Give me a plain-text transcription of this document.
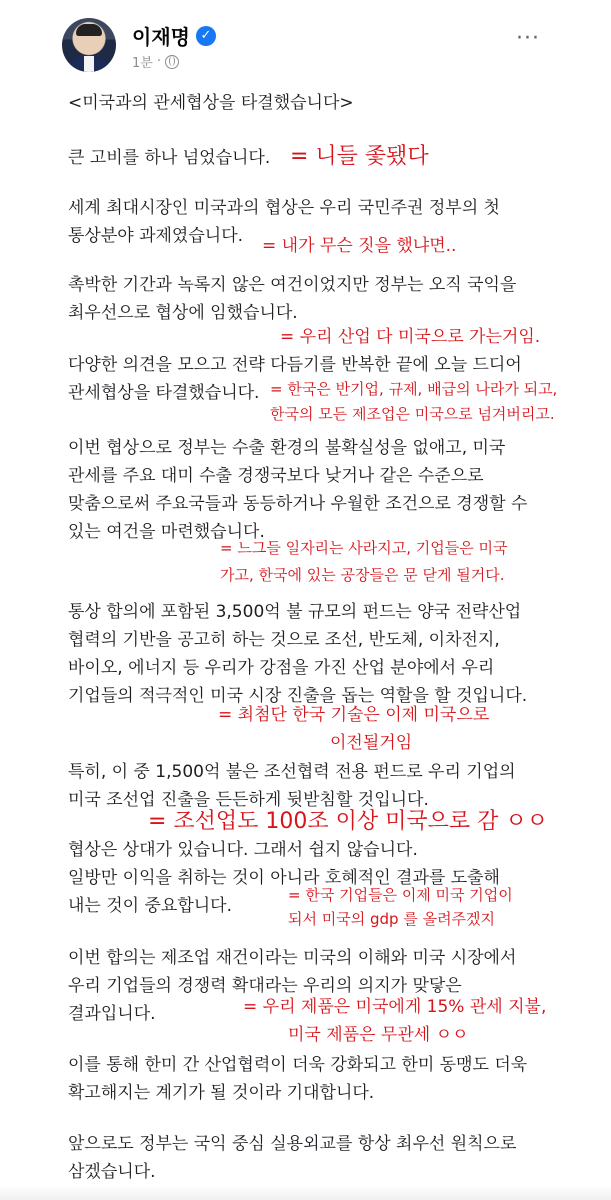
이재명 ✓
1분 ·
···
<미국과의 관세협상을 타결했습니다>
큰 고비를 하나 넘었습니다. = 니들 좇됐다
세계 최대시장인 미국과의 협상은 우리 국민주권 정부의 첫
통상분야 과제였습니다. = 내가 무슨 짓을 했냐면..
촉박한 기간과 녹록지 않은 여건이었지만 정부는 오직 국익을
최우선으로 협상에 임했습니다.
= 우리 산업 다 미국으로 가는거임.
다양한 의견을 모으고 전략 다듬기를 반복한 끝에 오늘 드디어
관세협상을 타결했습니다. = 한국은 반기업, 규제, 배급의 나라가 되고,
한국의 모든 제조업은 미국으로 넘겨버리고.
이번 협상으로 정부는 수출 환경의 불확실성을 없애고, 미국
관세를 주요 대미 수출 경쟁국보다 낮거나 같은 수준으로
맞춤으로써 주요국들과 동등하거나 우월한 조건으로 경쟁할 수
있는 여건을 마련했습니다.
= 느그들 일자리는 사라지고, 기업들은 미국
가고, 한국에 있는 공장들은 문 닫게 될거다.
통상 합의에 포함된 3,500억 불 규모의 펀드는 양국 전략산업
협력의 기반을 공고히 하는 것으로 조선, 반도체, 이차전지,
바이오, 에너지 등 우리가 강점을 가진 산업 분야에서 우리
기업들의 적극적인 미국 시장 진출을 돕는 역할을 할 것입니다.
= 최첨단 한국 기술은 이제 미국으로
이전될거임
특히, 이 중 1,500억 불은 조선협력 전용 펀드로 우리 기업의
미국 조선업 진출을 든든하게 뒷받침할 것입니다.
= 조선업도 100조 이상 미국으로 감 ㅇㅇ
협상은 상대가 있습니다. 그래서 쉽지 않습니다.
일방만 이익을 취하는 것이 아니라 호혜적인 결과를 도출해
내는 것이 중요합니다.
= 한국 기업들은 이제 미국 기업이
되서 미국의 gdp 를 올려주겠지
이번 합의는 제조업 재건이라는 미국의 이해와 미국 시장에서
우리 기업들의 경쟁력 확대라는 우리의 의지가 맞닿은
결과입니다.	= 우리 제품은 미국에게 15% 관세 지불,
미국 제품은 무관세 ㅇㅇ
이를 통해 한미 간 산업협력이 더욱 강화되고 한미 동맹도 더욱
확고해지는 계기가 될 것이라 기대합니다.
앞으로도 정부는 국익 중심 실용외교를 항상 최우선 원칙으로
삼겠습니다.
